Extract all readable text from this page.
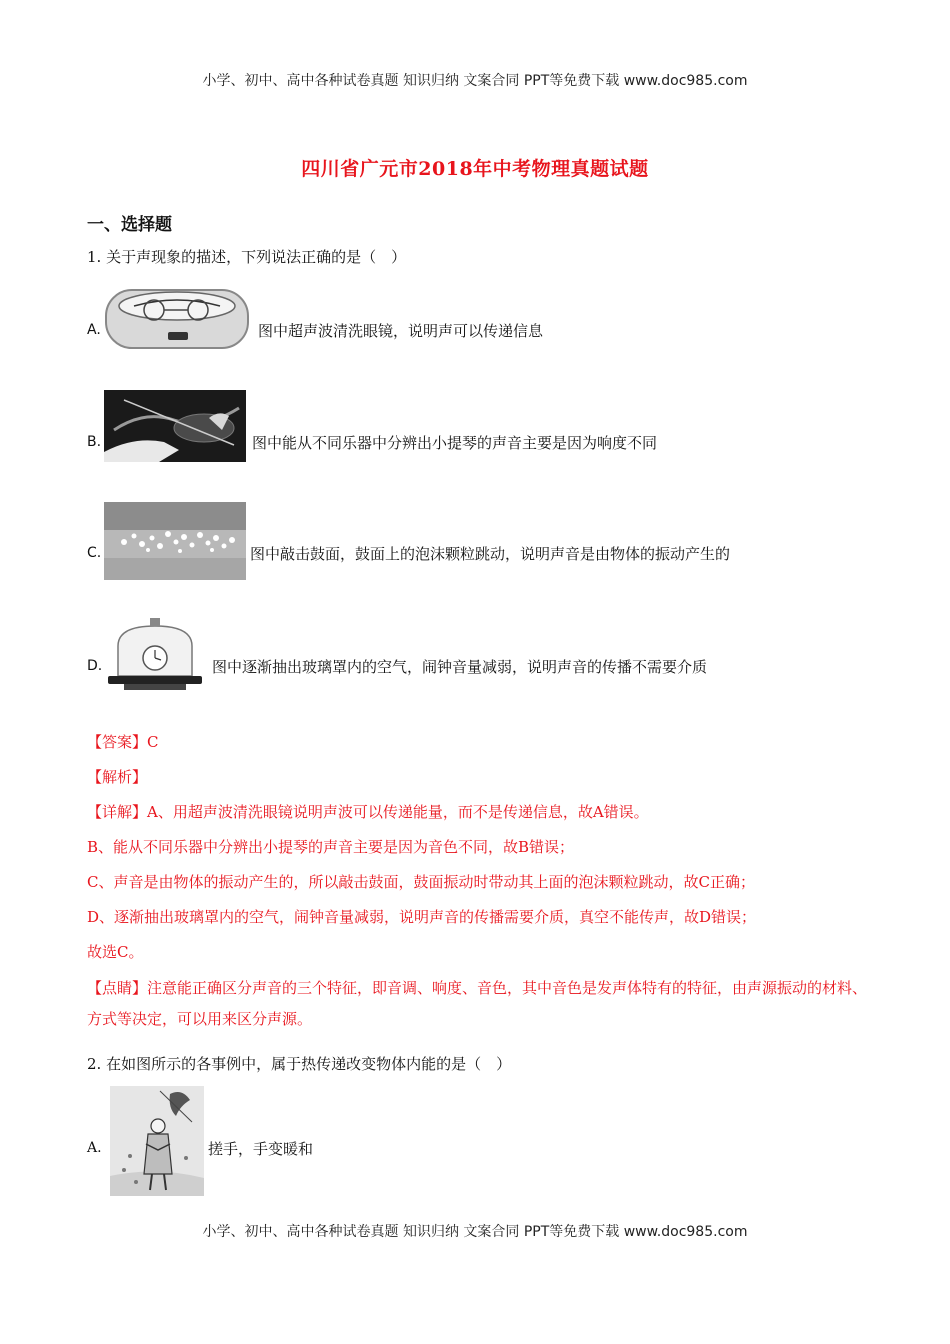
小学、初中、高中各种试卷真题 知识归纳 文案合同 PPT等免费下载 www.doc985.com
四川省广元市2018年中考物理真题试题
一、选择题
1. 关于声现象的描述，下列说法正确的是（　）
A.	图中超声波清洗眼镜，说明声可以传递信息
B.	图中能从不同乐器中分辨出小提琴的声音主要是因为响度不同
C.	图中敲击鼓面，鼓面上的泡沫颗粒跳动，说明声音是由物体的振动产生的
D.	图中逐渐抽出玻璃罩内的空气，闹钟音量减弱，说明声音的传播不需要介质
【答案】C
【解析】
【详解】A、用超声波清洗眼镜说明声波可以传递能量，而不是传递信息，故A错误。
B、能从不同乐器中分辨出小提琴的声音主要是因为音色不同，故B错误；
C、声音是由物体的振动产生的，所以敲击鼓面，鼓面振动时带动其上面的泡沫颗粒跳动，故C正确；
D、逐渐抽出玻璃罩内的空气，闹钟音量减弱，说明声音的传播需要介质，真空不能传声，故D错误；
故选C。
【点睛】注意能正确区分声音的三个特征，即音调、响度、音色，其中音色是发声体特有的特征，由声源振动的材料、方式等决定，可以用来区分声源。
2. 在如图所示的各事例中，属于热传递改变物体内能的是（　）
A.	搓手，手变暖和
小学、初中、高中各种试卷真题 知识归纳 文案合同 PPT等免费下载 www.doc985.com
